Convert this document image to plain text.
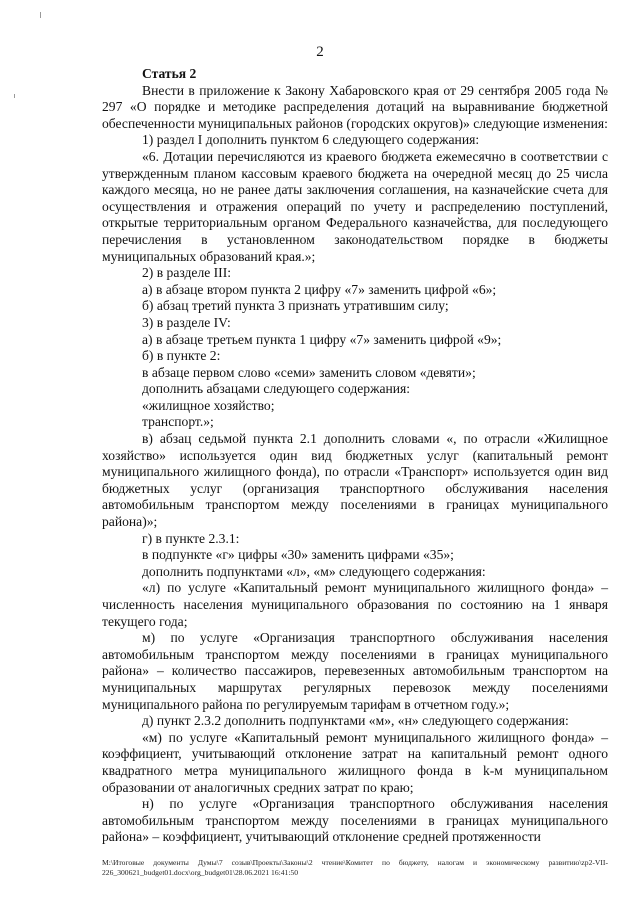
2

Статья 2

Внести в приложение к Закону Хабаровского края от 29 сентября 2005 года № 297 «О порядке и методике распределения дотаций на выравнивание бюджетной обеспеченности муниципальных районов (городских округов)» следующие изменения:

1) раздел I дополнить пунктом 6 следующего содержания:

«6. Дотации перечисляются из краевого бюджета ежемесячно в соответствии с утвержденным планом кассовым краевого бюджета на очередной месяц до 25 числа каждого месяца, но не ранее даты заключения соглашения, на казначейские счета для осуществления и отражения операций по учету и распределению поступлений, открытые территориальным органом Федерального казначейства, для последующего перечисления в установленном законодательством порядке в бюджеты муниципальных образований края.»;

2) в разделе III:

а) в абзаце втором пункта 2 цифру «7» заменить цифрой «6»;

б) абзац третий пункта 3 признать утратившим силу;

3) в разделе IV:

а) в абзаце третьем пункта 1 цифру «7» заменить цифрой «9»;

б) в пункте 2:

в абзаце первом слово «семи» заменить словом «девяти»;

дополнить абзацами следующего содержания:

«жилищное хозяйство;

транспорт.»;

в) абзац седьмой пункта 2.1 дополнить словами «, по отрасли «Жилищное хозяйство» используется один вид бюджетных услуг (капитальный ремонт муниципального жилищного фонда), по отрасли «Транспорт» используется один вид бюджетных услуг (организация транспортного обслуживания населения автомобильным транспортом между поселениями в границах муниципального района)»;

г) в пункте 2.3.1:

в подпункте «г» цифры «30» заменить цифрами «35»;

дополнить подпунктами «л», «м» следующего содержания:

«л) по услуге «Капитальный ремонт муниципального жилищного фонда» – численность населения муниципального образования по состоянию на 1 января текущего года;

м) по услуге «Организация транспортного обслуживания населения автомобильным транспортом между поселениями в границах муниципального района» – количество пассажиров, перевезенных автомобильным транспортом на муниципальных маршрутах регулярных перевозок между поселениями муниципального района по регулируемым тарифам в отчетном году.»;

д) пункт 2.3.2 дополнить подпунктами «м», «н» следующего содержания:

«м) по услуге «Капитальный ремонт муниципального жилищного фонда» – коэффициент, учитывающий отклонение затрат на капитальный ремонт одного квадратного метра муниципального жилищного фонда в k-м муниципальном образовании от аналогичных средних затрат по краю;

н) по услуге «Организация транспортного обслуживания населения автомобильным транспортом между поселениями в границах муниципального района» – коэффициент, учитывающий отклонение средней протяженности

M:\Итоговые документы Думы\7 созыв\Проекты\Законы\2 чтение\Комитет по бюджету, налогам и экономическому развитию\zp2-VII-226_300621_budget01.docx\org_budget01\28.06.2021 16:41:50
